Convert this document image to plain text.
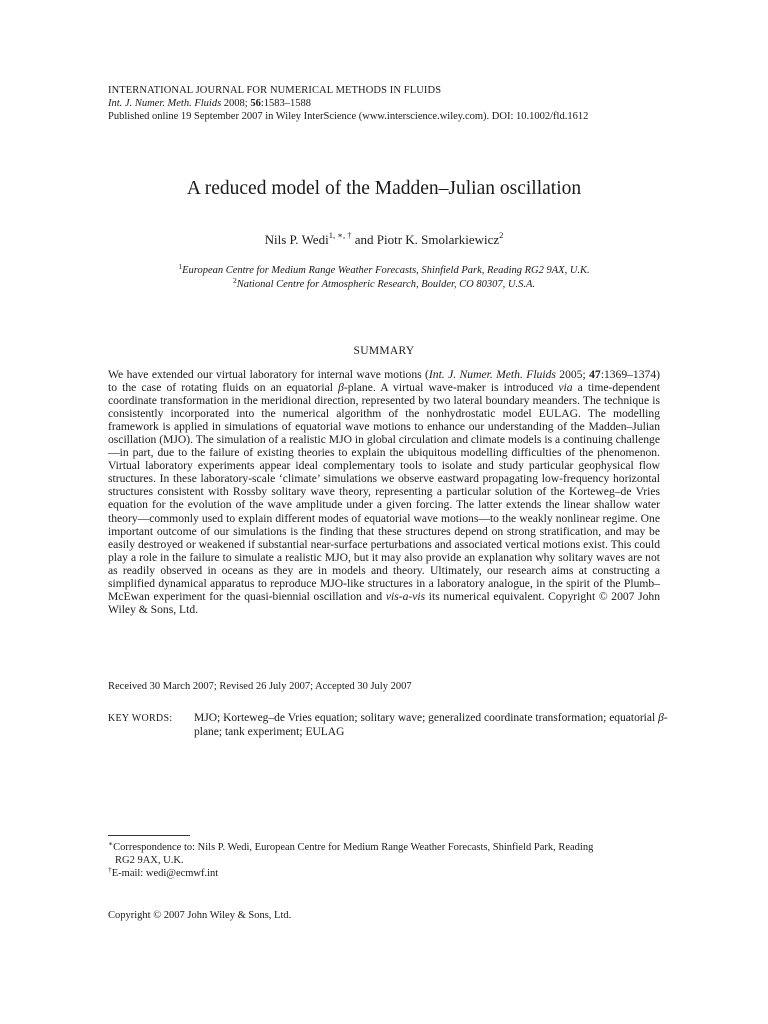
INTERNATIONAL JOURNAL FOR NUMERICAL METHODS IN FLUIDS
Int. J. Numer. Meth. Fluids 2008; 56:1583–1588
Published online 19 September 2007 in Wiley InterScience (www.interscience.wiley.com). DOI: 10.1002/fld.1612
A reduced model of the Madden–Julian oscillation
Nils P. Wedi$^{1, ∗, \dagger}$ and Piotr K. Smolarkiewicz$^2$
$^1$European Centre for Medium Range Weather Forecasts, Shinfield Park, Reading RG2 9AX, U.K.
$^2$National Centre for Atmospheric Research, Boulder, CO 80307, U.S.A.
SUMMARY

We have extended our virtual laboratory for internal wave motions (Int. J. Numer. Meth. Fluids 2005; 47:1369–1374) to the case of rotating fluids on an equatorial β-plane. A virtual wave-maker is introduced via a time-dependent coordinate transformation in the meridional direction, represented by two lateral boundary meanders. The technique is consistently incorporated into the numerical algorithm of the nonhydrostatic model EULAG. The modelling framework is applied in simulations of equatorial wave motions to enhance our understanding of the Madden–Julian oscillation (MJO). The simulation of a realistic MJO in global circulation and climate models is a continuing challenge—in part, due to the failure of existing theories to explain the ubiquitous modelling difficulties of the phenomenon. Virtual laboratory experiments appear ideal complementary tools to isolate and study particular geophysical flow structures. In these laboratory-scale ‘climate’ simulations we observe eastward propagating low-frequency horizontal structures consistent with Rossby solitary wave theory, representing a particular solution of the Korteweg–de Vries equation for the evolution of the wave amplitude under a given forcing. The latter extends the linear shallow water theory—commonly used to explain different modes of equatorial wave motions—to the weakly nonlinear regime. One important outcome of our simulations is the finding that these structures depend on strong stratification, and may be easily destroyed or weakened if substantial near-surface perturbations and associated vertical motions exist. This could play a role in the failure to simulate a realistic MJO, but it may also provide an explanation why solitary waves are not as readily observed in oceans as they are in models and theory. Ultimately, our research aims at constructing a simplified dynamical apparatus to reproduce MJO-like structures in a laboratory analogue, in the spirit of the Plumb–McEwan experiment for the quasi-biennial oscillation and vis-a-vis its numerical equivalent. Copyright © 2007 John Wiley & Sons, Ltd.

Received 30 March 2007; Revised 26 July 2007; Accepted 30 July 2007
KEY WORDS: MJO; Korteweg–de Vries equation; solitary wave; generalized coordinate transformation; equatorial β-plane; tank experiment; EULAG
∗Correspondence to: Nils P. Wedi, European Centre for Medium Range Weather Forecasts, Shinfield Park, Reading
RG2 9AX, U.K.
†E-mail: wedi@ecmwf.int
Copyright © 2007 John Wiley & Sons, Ltd.
